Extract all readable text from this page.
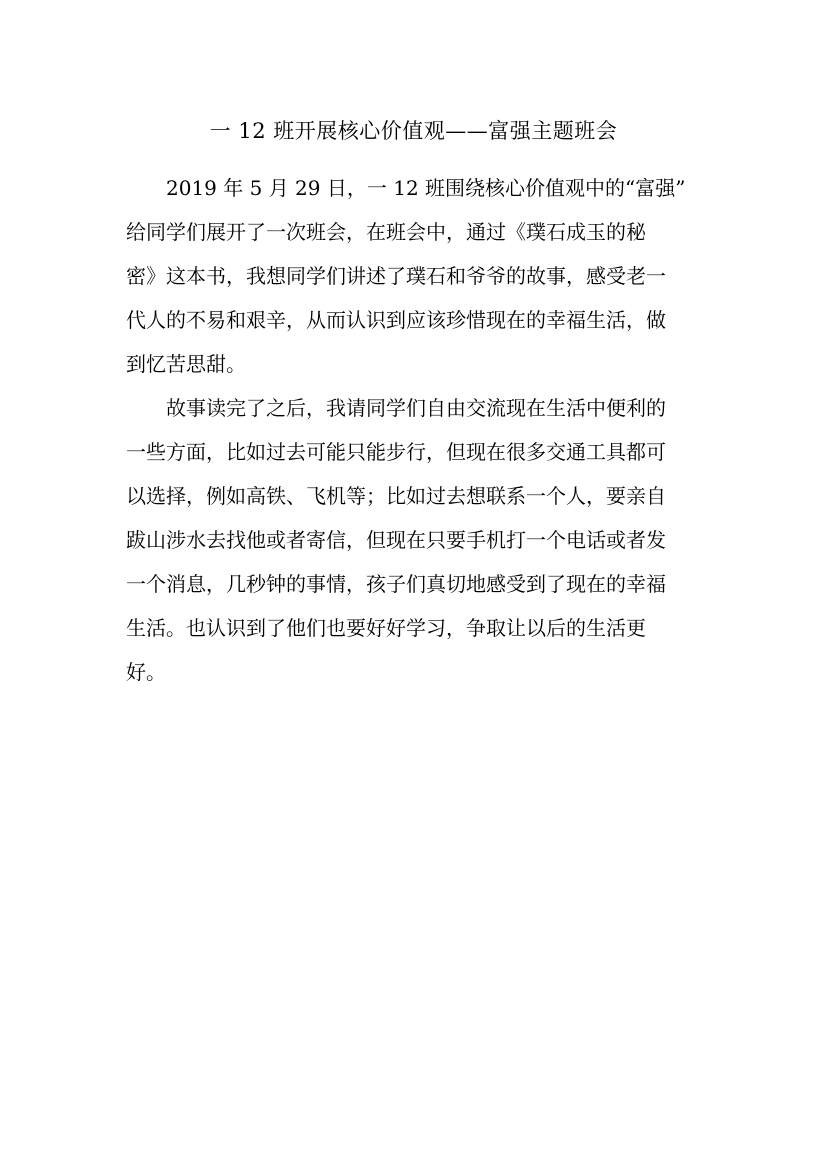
一 12 班开展核心价值观——富强主题班会
2019 年 5 月 29 日，一 12 班围绕核心价值观中的“富强”
给同学们展开了一次班会，在班会中，通过《璞石成玉的秘
密》这本书，我想同学们讲述了璞石和爷爷的故事，感受老一
代人的不易和艰辛，从而认识到应该珍惜现在的幸福生活，做
到忆苦思甜。
故事读完了之后，我请同学们自由交流现在生活中便利的
一些方面，比如过去可能只能步行，但现在很多交通工具都可
以选择，例如高铁、飞机等；比如过去想联系一个人，要亲自
跋山涉水去找他或者寄信，但现在只要手机打一个电话或者发
一个消息，几秒钟的事情，孩子们真切地感受到了现在的幸福
生活。也认识到了他们也要好好学习，争取让以后的生活更
好。
